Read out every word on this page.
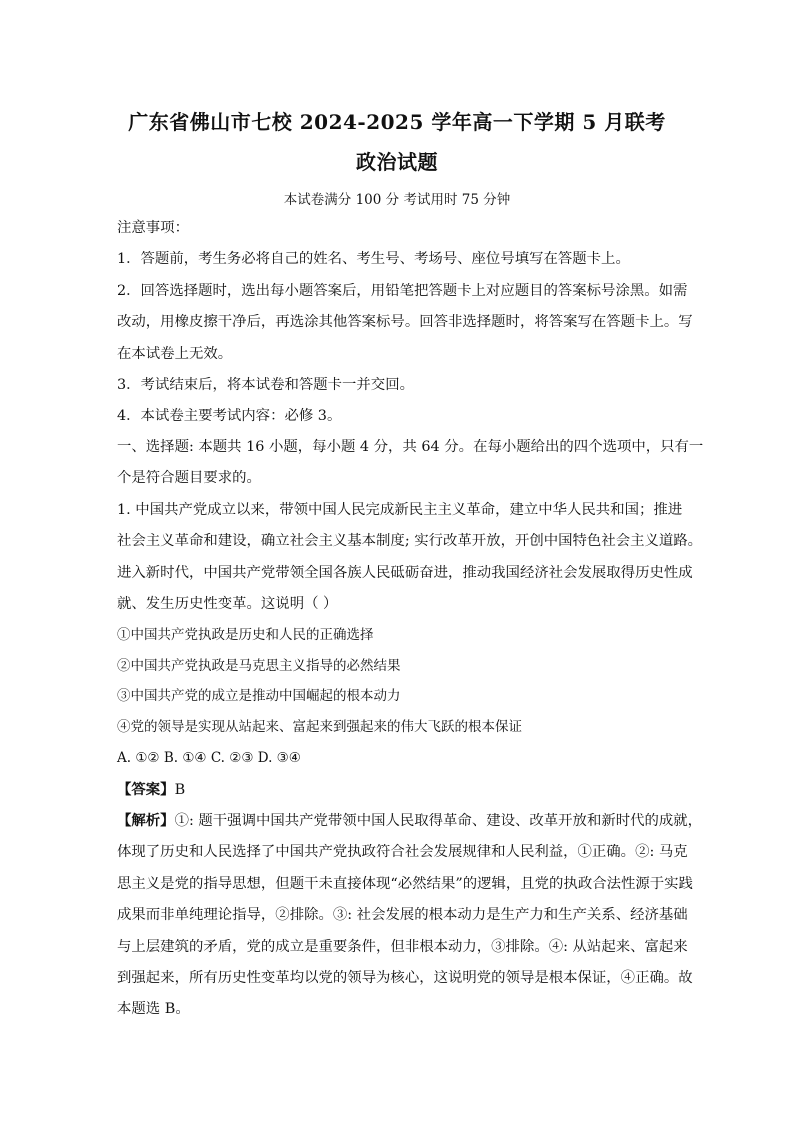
广东省佛山市七校 2024-2025 学年高一下学期 5 月联考
政治试题
本试卷满分 100 分 考试用时 75 分钟
注意事项：
1．答题前，考生务必将自己的姓名、考生号、考场号、座位号填写在答题卡上。
2．回答选择题时，选出每小题答案后，用铅笔把答题卡上对应题目的答案标号涂黑。如需
改动，用橡皮擦干净后，再选涂其他答案标号。回答非选择题时，将答案写在答题卡上。写
在本试卷上无效。
3．考试结束后，将本试卷和答题卡一并交回。
4．本试卷主要考试内容：必修 3。
一、选择题: 本题共 16 小题，每小题 4 分，共 64 分。在每小题给出的四个选项中，只有一
个是符合题目要求的。
1. 中国共产党成立以来，带领中国人民完成新民主主义革命，建立中华人民共和国；推进
社会主义革命和建设，确立社会主义基本制度; 实行改革开放，开创中国特色社会主义道路。
进入新时代，中国共产党带领全国各族人民砥砺奋进，推动我国经济社会发展取得历史性成
就、发生历史性变革。这说明（ ）
①中国共产党执政是历史和人民的正确选择
②中国共产党执政是马克思主义指导的必然结果
③中国共产党的成立是推动中国崛起的根本动力
④党的领导是实现从站起来、富起来到强起来的伟大飞跃的根本保证
A. ①② B. ①④ C. ②③ D. ③④
【答案】B
【解析】①: 题干强调中国共产党带领中国人民取得革命、建设、改革开放和新时代的成就，
体现了历史和人民选择了中国共产党执政符合社会发展规律和人民利益，①正确。②: 马克
思主义是党的指导思想，但题干未直接体现“必然结果”的逻辑，且党的执政合法性源于实践
成果而非单纯理论指导，②排除。③: 社会发展的根本动力是生产力和生产关系、经济基础
与上层建筑的矛盾，党的成立是重要条件，但非根本动力，③排除。④: 从站起来、富起来
到强起来，所有历史性变革均以党的领导为核心，这说明党的领导是根本保证，④正确。故
本题选 B。
